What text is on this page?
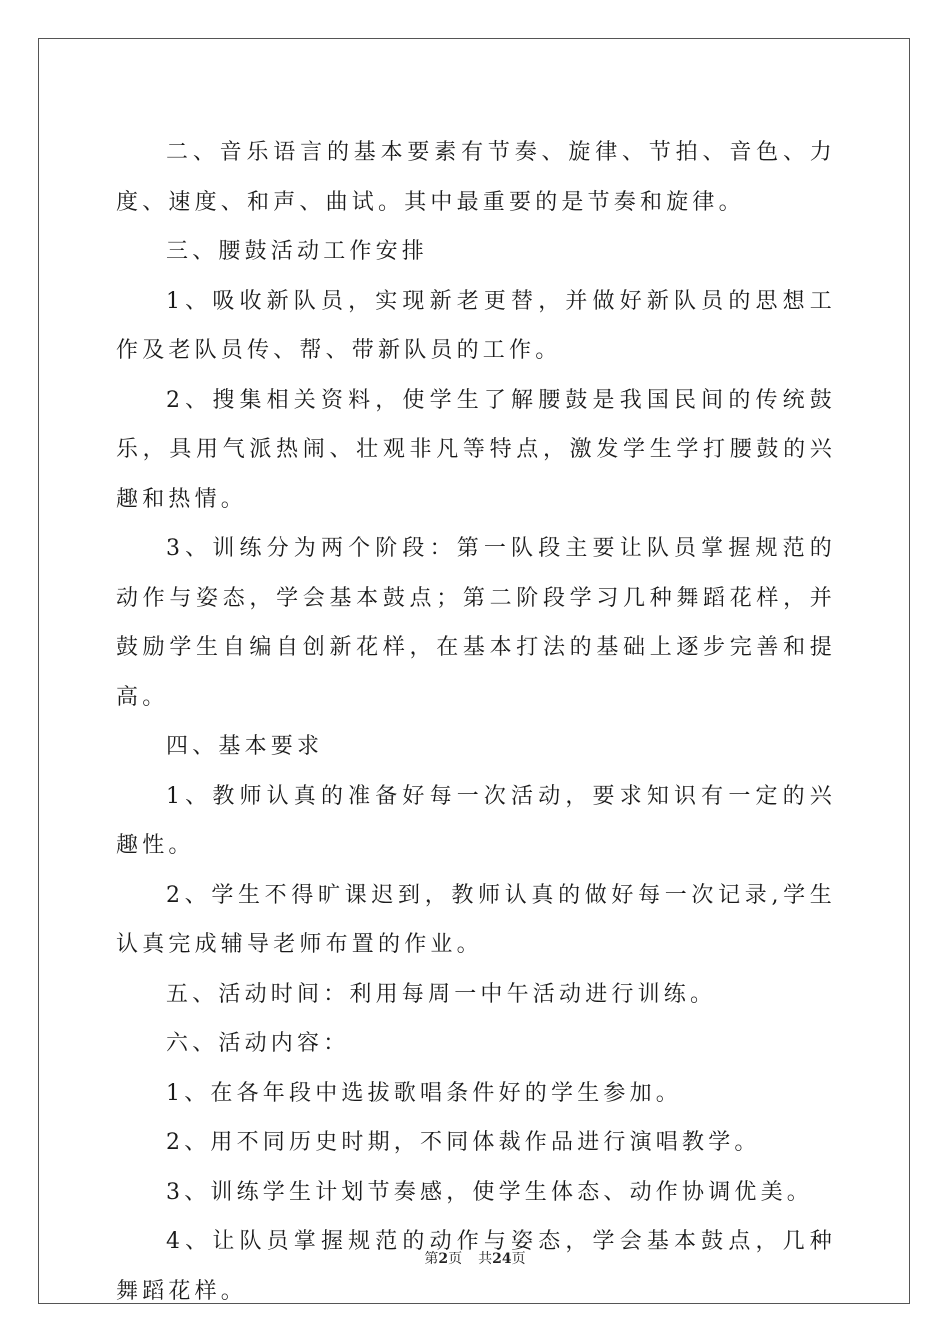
二、音乐语言的基本要素有节奏、旋律、节拍、音色、力度、速度、和声、曲试。其中最重要的是节奏和旋律。

三、腰鼓活动工作安排

1、吸收新队员，实现新老更替，并做好新队员的思想工作及老队员传、帮、带新队员的工作。

2、搜集相关资料，使学生了解腰鼓是我国民间的传统鼓乐，具用气派热闹、壮观非凡等特点，激发学生学打腰鼓的兴趣和热情。

3、训练分为两个阶段：第一队段主要让队员掌握规范的动作与姿态，学会基本鼓点；第二阶段学习几种舞蹈花样，并鼓励学生自编自创新花样，在基本打法的基础上逐步完善和提高。

四、基本要求

1、教师认真的准备好每一次活动，要求知识有一定的兴趣性。

2、学生不得旷课迟到，教师认真的做好每一次记录,学生认真完成辅导老师布置的作业。

五、活动时间：利用每周一中午活动进行训练。

六、活动内容：

1、在各年段中选拔歌唱条件好的学生参加。

2、用不同历史时期，不同体裁作品进行演唱教学。

3、训练学生计划节奏感，使学生体态、动作协调优美。

4、让队员掌握规范的动作与姿态，学会基本鼓点，几种舞蹈花样。

第2页 共24页
